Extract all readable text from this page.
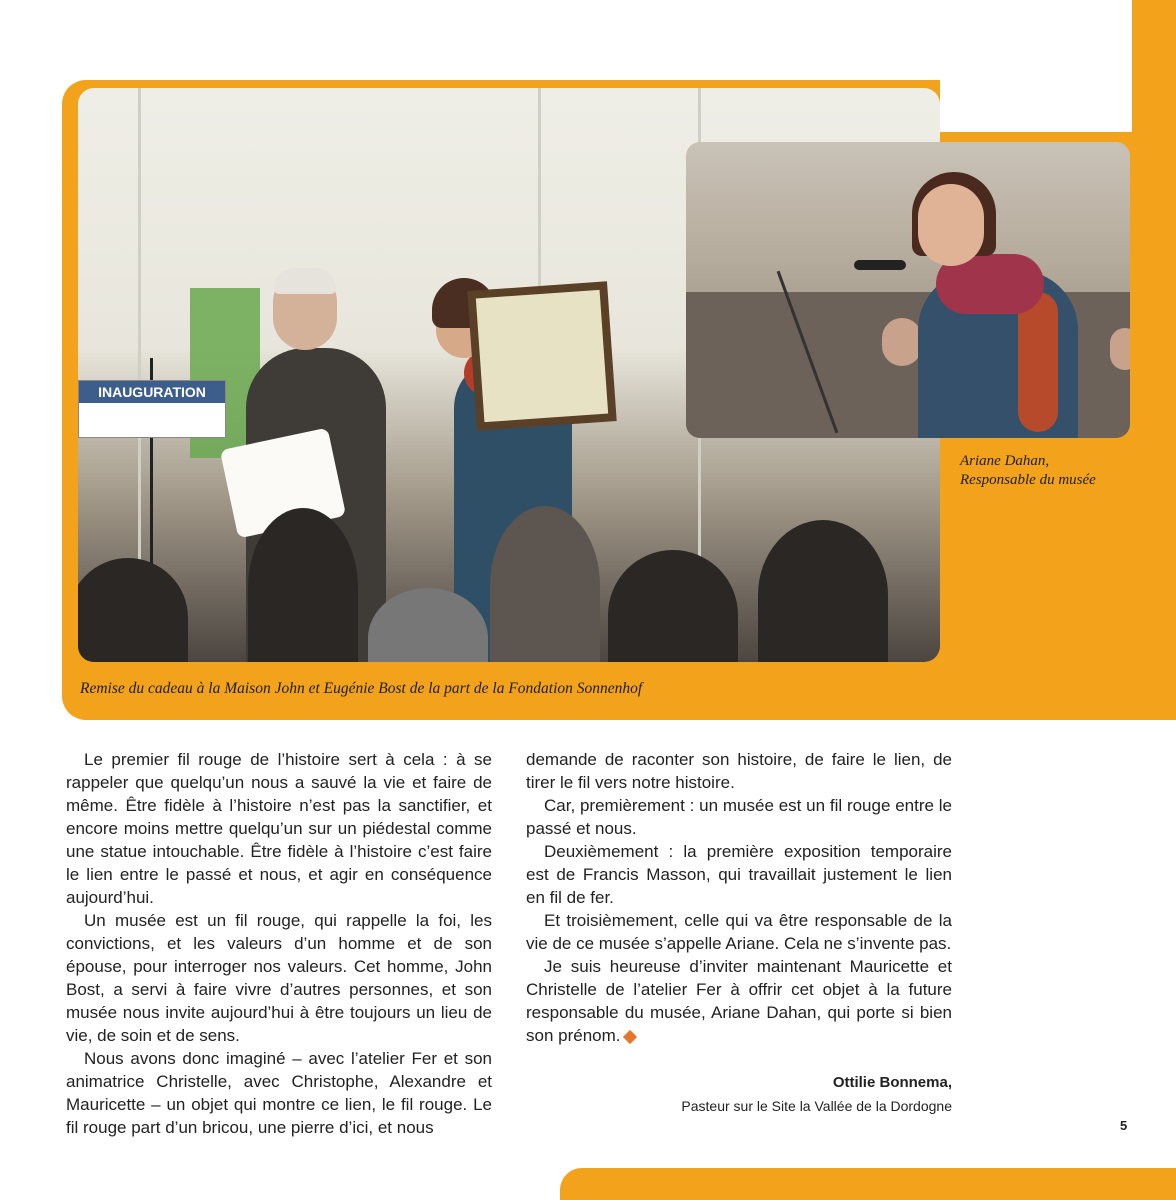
INAUGURATION
Ariane Dahan,
Responsable du musée
Remise du cadeau à la Maison John et Eugénie Bost de la part de la Fondation Sonnenhof

Le premier fil rouge de l’histoire sert à cela : à se rappeler que quelqu’un nous a sauvé la vie et faire de même. Être fidèle à l’histoire n’est pas la sanctifier, et encore moins mettre quelqu’un sur un piédestal comme une statue intouchable. Être fidèle à l’histoire c’est faire le lien entre le passé et nous, et agir en conséquence aujourd’hui.

Un musée est un fil rouge, qui rappelle la foi, les convictions, et les valeurs d’un homme et de son épouse, pour interroger nos valeurs. Cet homme, John Bost, a servi à faire vivre d’autres personnes, et son musée nous invite aujourd’hui à être toujours un lieu de vie, de soin et de sens.

Nous avons donc imaginé – avec l’atelier Fer et son animatrice Christelle, avec Christophe, Alexandre et Mauricette – un objet qui montre ce lien, le fil rouge. Le fil rouge part d’un bricou, une pierre d’ici, et nous

demande de raconter son histoire, de faire le lien, de tirer le fil vers notre histoire.

Car, premièrement : un musée est un fil rouge entre le passé et nous.

Deuxièmement : la première exposition temporaire est de Francis Masson, qui travaillait justement le lien en fil de fer.

Et troisièmement, celle qui va être responsable de la vie de ce musée s’appelle Ariane. Cela ne s’invente pas.

Je suis heureuse d’inviter maintenant Mauricette et Christelle de l’atelier Fer à offrir cet objet à la future responsable du musée, Ariane Dahan, qui porte si bien son prénom.

Ottilie Bonnema,
Pasteur sur le Site la Vallée de la Dordogne
5
